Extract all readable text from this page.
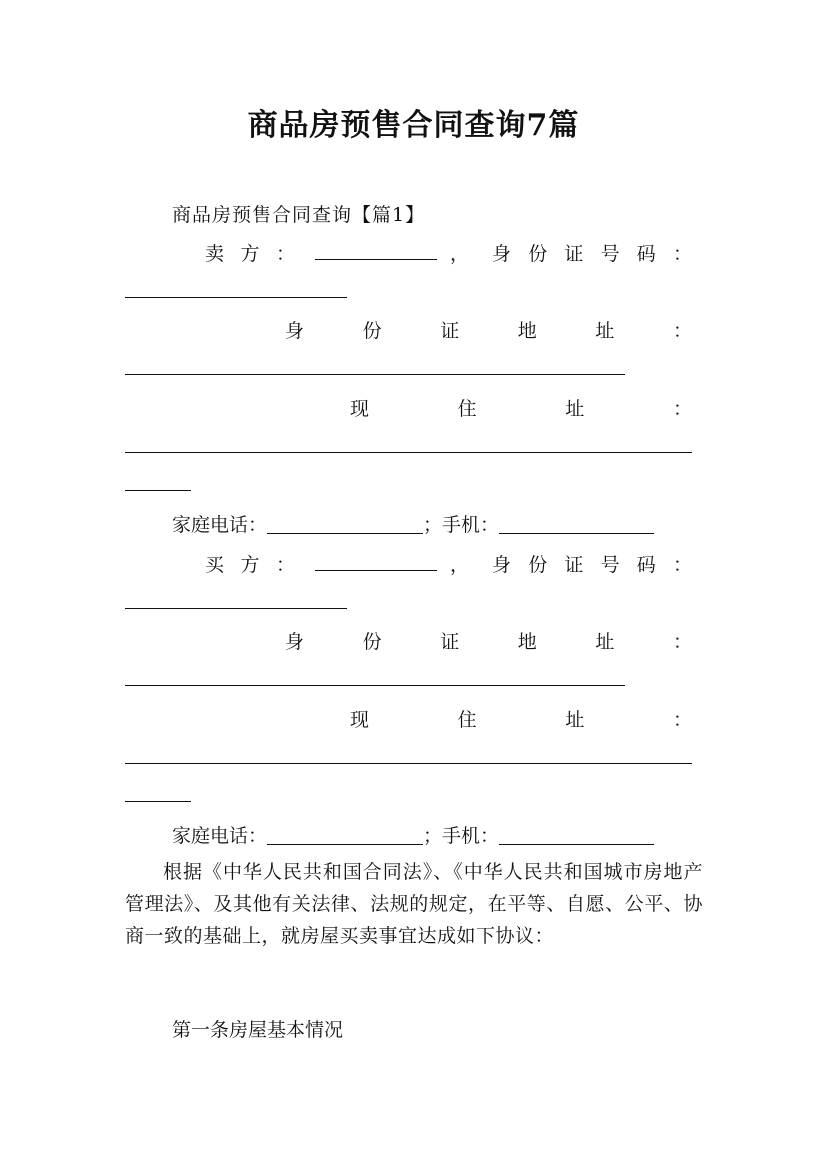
商品房预售合同查询7篇
商品房预售合同查询【篇1】
卖 方 ：	， 身 份 证 号 码 ：
身	份	证	地	址	：
现	住	址	：
家庭电话：	；手机：
买 方 ：	， 身 份 证 号 码 ：
身	份	证	地	址	：
现	住	址	：
家庭电话：	；手机：
根据《中华人民共和国合同法》、《中华人民共和国城市房地产管理法》、及其他有关法律、法规的规定，在平等、自愿、公平、协商一致的基础上，就房屋买卖事宜达成如下协议：
第一条房屋基本情况
